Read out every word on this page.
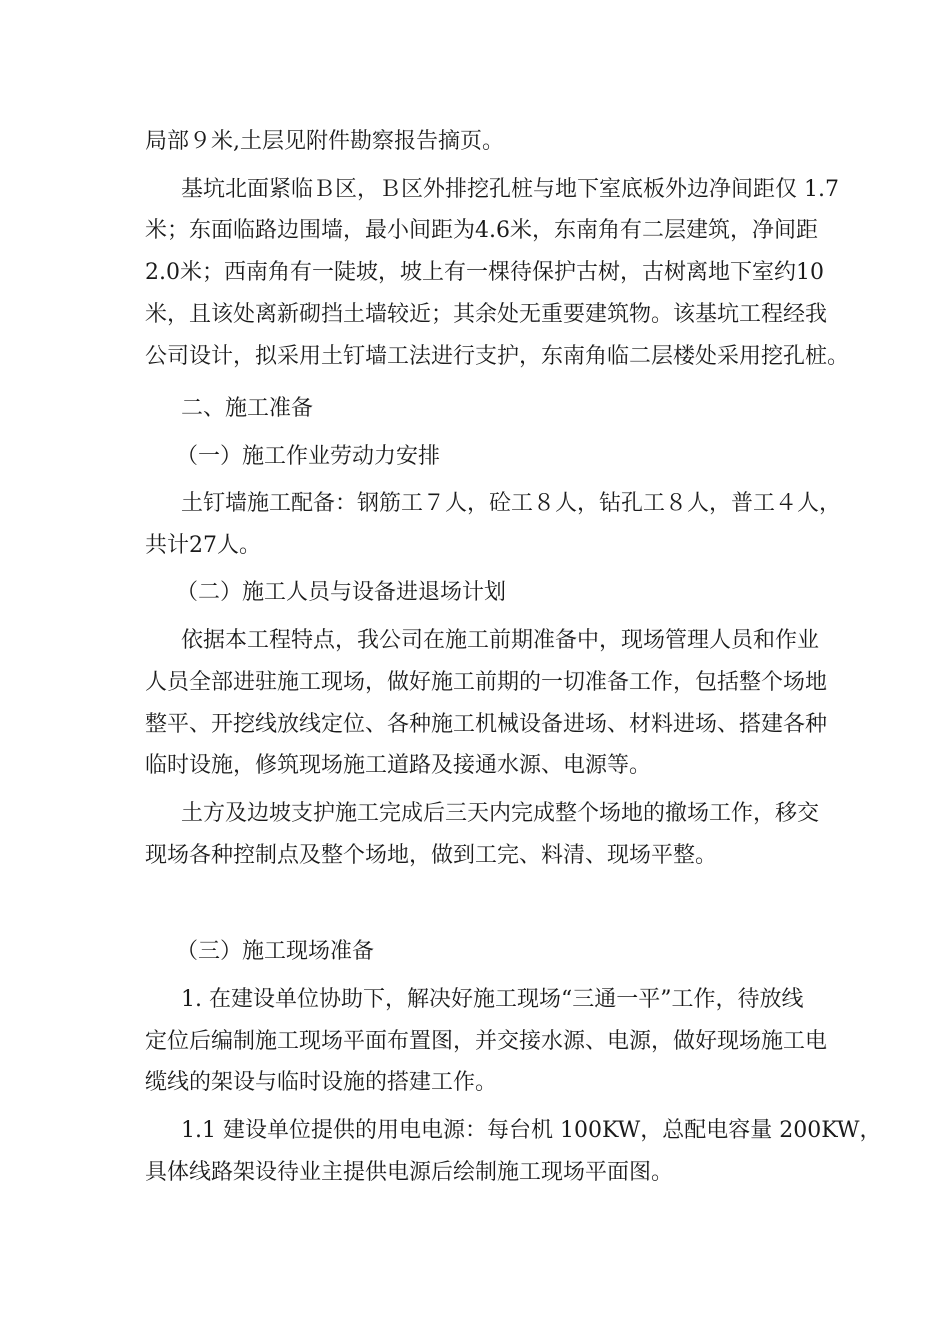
局部９米,土层见附件勘察报告摘页。
基坑北面紧临Ｂ区，Ｂ区外排挖孔桩与地下室底板外边净间距仅 1.7
米；东面临路边围墙，最小间距为4.6米，东南角有二层建筑，净间距
2.0米；西南角有一陡坡，坡上有一棵待保护古树，古树离地下室约10
米，且该处离新砌挡土墙较近；其余处无重要建筑物。该基坑工程经我
公司设计，拟采用土钉墙工法进行支护，东南角临二层楼处采用挖孔桩。
二、施工准备
（一）施工作业劳动力安排
土钉墙施工配备：钢筋工７人，砼工８人，钻孔工８人，普工４人，
共计27人。
（二）施工人员与设备进退场计划
依据本工程特点，我公司在施工前期准备中，现场管理人员和作业
人员全部进驻施工现场，做好施工前期的一切准备工作，包括整个场地
整平、开挖线放线定位、各种施工机械设备进场、材料进场、搭建各种
临时设施，修筑现场施工道路及接通水源、电源等。
土方及边坡支护施工完成后三天内完成整个场地的撤场工作，移交
现场各种控制点及整个场地，做到工完、料清、现场平整。
（三）施工现场准备
1. 在建设单位协助下，解决好施工现场“三通一平”工作，待放线
定位后编制施工现场平面布置图，并交接水源、电源，做好现场施工电
缆线的架设与临时设施的搭建工作。
1.1 建设单位提供的用电电源：每台机 100KW，总配电容量 200KW，
具体线路架设待业主提供电源后绘制施工现场平面图。
